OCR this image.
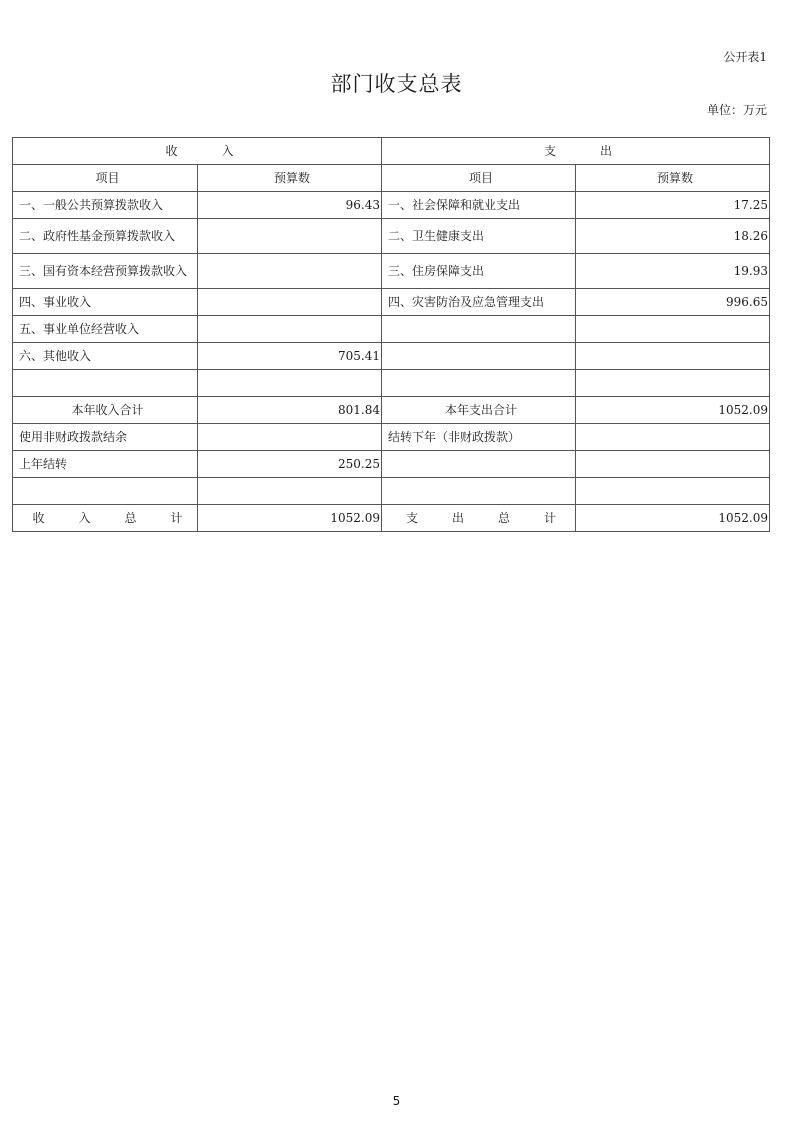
公开表1
部门收支总表
单位：万元
收 入		支 出	
项目	预算数	项目	预算数
一、一般公共预算拨款收入	96.43	一、社会保障和就业支出	17.25
二、政府性基金预算拨款收入		二、卫生健康支出	18.26
三、国有资本经营预算拨款收入		三、住房保障支出	19.93
四、事业收入		四、灾害防治及应急管理支出	996.65
五、事业单位经营收入			
六、其他收入	705.41		

本年收入合计	801.84	本年支出合计	1052.09
使用非财政拨款结余		结转下年（非财政拨款）	
上年结转	250.25		

收 入 总 计	1052.09	支 出 总 计	1052.09
5
